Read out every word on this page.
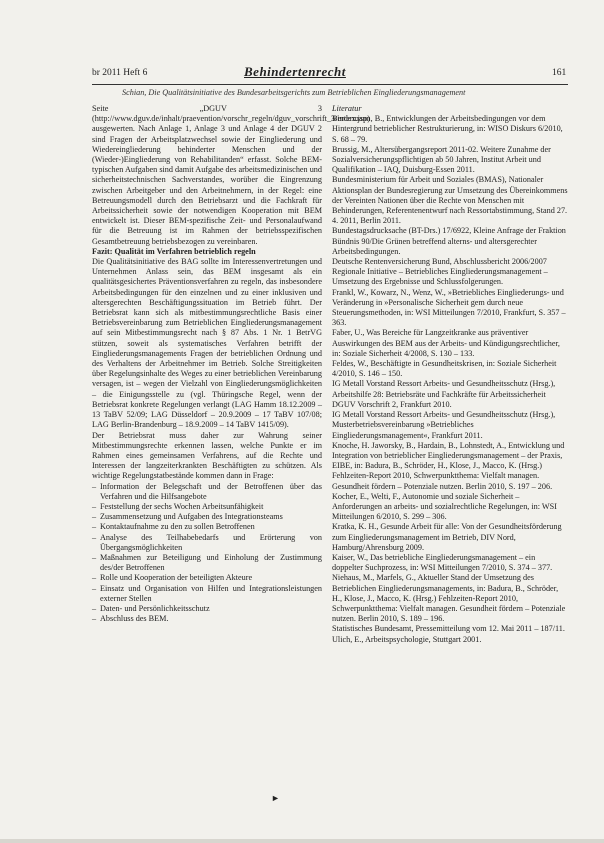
br 2011 Heft 6	Behindertenrecht	161
Schian, Die Qualitätsinitiative des Bundesarbeitsgerichts zum Betrieblichen Eingliederungsmanagement

Seite „DGUV 3 (http://www.dguv.de/inhalt/praevention/vorschr_regeln/dguv_vorschrift_3/index.jsp) ausgewerten. Nach Anlage 1, Anlage 3 und Anlage 4 der DGUV 2 sind Fragen der Arbeitsplatzwechsel sowie der Eingliederung und Wiedereingliederung behinderter Menschen und der (Wieder-)Eingliederung von Rehabilitanden“ erfasst. Solche BEM-typischen Aufgaben sind damit Aufgabe des arbeitsmedizinischen und sicherheitstechnischen Sachverstandes, worüber die Eingrenzung zwischen Arbeitgeber und den Arbeitnehmern, in der Regel: eine Betreuungsmodell durch den Betriebsarzt und die Fachkraft für Arbeitssicherheit sowie der notwendigen Kooperation mit BEM entwickelt ist. Dieser BEM-spezifische Zeit- und Personalaufwand für die Betreuung ist im Rahmen der betriebsspezifischen Gesamtbetreuung betriebsbezogen zu vereinbaren.

Fazit: Qualität im Verfahren betrieblich regeln

Die Qualitätsinitiative des BAG sollte im Interessenvertretungen und Unternehmen Anlass sein, das BEM insgesamt als ein qualitätsgesichertes Präventionsverfahren zu regeln, das insbesondere Arbeitsbedingungen für den einzelnen und zu einer inklusiven und altersgerechten Beschäftigungssituation im Betrieb führt. Der Betriebsrat kann sich als mitbestimmungsrechtliche Basis einer Betriebsvereinbarung zum Betrieblichen Eingliederungsmanagement auf sein Mitbestimmungsrecht nach § 87 Abs. 1 Nr. 1 BetrVG stützen, soweit als systematisches Verfahren betrifft der Eingliederungsmanagements Fragen der betrieblichen Ordnung und des Verhaltens der Arbeitnehmer im Betrieb. Solche Streitigkeiten über Regelungsinhalte des Weges zu einer betrieblichen Vereinbarung versagen, ist – wegen der Vielzahl von Eingliederungsmöglichkeiten – die Einigungsstelle zu (vgl. Thüringsche Regel, wenn der Betriebsrat konkrete Regelungen verlangt (LAG Hamm 18.12.2009 – 13 TaBV 52/09; LAG Düsseldorf – 20.9.2009 – 17 TaBV 107/08; LAG Berlin-Brandenburg – 18.9.2009 – 14 TaBV 1415/09).

Der Betriebsrat muss daher zur Wahrung seiner Mitbestimmungsrechte erkennen lassen, welche Punkte er im Rahmen eines gemeinsamen Verfahrens, auf die Rechte und Interessen der langzeiterkrankten Beschäftigten zu schützen. Als wichtige Regelungstatbestände kommen dann in Frage:

– Information der Belegschaft und der Betroffenen über das Verfahren und die Hilfsangebote
– Feststellung der sechs Wochen Arbeitsunfähigkeit
– Zusammensetzung und Aufgaben des Integrationsteams
– Kontaktaufnahme zu den zu sollen Betroffenen
– Analyse des Teilhabebedarfs und Erörterung von Übergangsmöglichkeiten
– Maßnahmen zur Beteiligung und Einholung der Zustimmung des/der Betroffenen
– Rolle und Kooperation der beteiligten Akteure
– Einsatz und Organisation von Hilfen und Integrationsleistungen externer Stellen
– Daten- und Persönlichkeitsschutz
– Abschluss des BEM.

Literatur

Bertermann, B., Entwicklungen der Arbeitsbedingungen vor dem Hintergrund betrieblicher Restrukturierung, in: WISO Diskurs 6/2010, S. 68 – 79.

Brussig, M., Altersübergangsreport 2011-02. Weitere Zunahme der Sozialversicherungspflichtigen ab 50 Jahren, Institut Arbeit und Qualifikation – IAQ, Duisburg-Essen 2011.

Bundesministerium für Arbeit und Soziales (BMAS), Nationaler Aktionsplan der Bundesregierung zur Umsetzung des Übereinkommens der Vereinten Nationen über die Rechte von Menschen mit Behinderungen, Referentenentwurf nach Ressortabstimmung, Stand 27. 4. 2011, Berlin 2011.

Bundestagsdrucksache (BT-Drs.) 17/6922, Kleine Anfrage der Fraktion Bündnis 90/Die Grünen betreffend alterns- und altersgerechter Arbeitsbedingungen.

Deutsche Rentenversicherung Bund, Abschlussbericht 2006/2007 Regionale Initiative – Betriebliches Eingliederungsmanagement – Umsetzung des Ergebnisse und Schlussfolgerungen.

Frankl, W., Kowarz, N., Wenz, W., »Betriebliches Eingliederungs- und Veränderung in »Personalische Sicherheit gem durch neue Steuerungsmethoden, in: WSI Mitteilungen 7/2010, Frankfurt, S. 357 – 363.

Faber, U., Was Bereiche für Langzeitkranke aus präventiver Auswirkungen des BEM aus der Arbeits- und Kündigungsrechtlicher, in: Soziale Sicherheit 4/2008, S. 130 – 133.

Feldes, W., Beschäftigte in Gesundheitskrisen, in: Soziale Sicherheit 4/2010, S. 146 – 150.

IG Metall Vorstand Ressort Arbeits- und Gesundheitsschutz (Hrsg.), Arbeitshilfe 28: Betriebsräte und Fachkräfte für Arbeitssicherheit DGUV Vorschrift 2, Frankfurt 2010.

IG Metall Vorstand Ressort Arbeits- und Gesundheitsschutz (Hrsg.), Musterbetriebsvereinbarung »Betriebliches Eingliederungsmanagement«, Frankfurt 2011.

Knoche, H. Jaworsky, B., Hardain, B., Lohnstedt, A., Entwicklung und Integration von betrieblicher Eingliederungsmanagement – der Praxis, EIBE, in: Badura, B., Schröder, H., Klose, J., Macco, K. (Hrsg.) Fehlzeiten-Report 2010, Schwerpunktthema: Vielfalt managen. Gesundheit fördern – Potenziale nutzen. Berlin 2010, S. 197 – 206.

Kocher, E., Welti, F., Autonomie und soziale Sicherheit – Anforderungen an arbeits- und sozialrechtliche Regelungen, in: WSI Mitteilungen 6/2010, S. 299 – 306.

Kratka, K. H., Gesunde Arbeit für alle: Von der Gesundheitsförderung zum Eingliederungsmanagement im Betrieb, DIV Nord, Hamburg/Ahrensburg 2009.

Kaiser, W., Das betriebliche Eingliederungsmanagement – ein doppelter Suchprozess, in: WSI Mitteilungen 7/2010, S. 374 – 377.

Niehaus, M., Marfels, G., Aktueller Stand der Umsetzung des Betrieblichen Eingliederungsmanagements, in: Badura, B., Schröder, H., Klose, J., Macco, K. (Hrsg.) Fehlzeiten-Report 2010, Schwerpunktthema: Vielfalt managen. Gesundheit fördern – Potenziale nutzen. Berlin 2010, S. 189 – 196.

Statistisches Bundesamt, Pressemitteilung vom 12. Mai 2011 – 187/11.

Ulich, E., Arbeitspsychologie, Stuttgart 2001.

►
